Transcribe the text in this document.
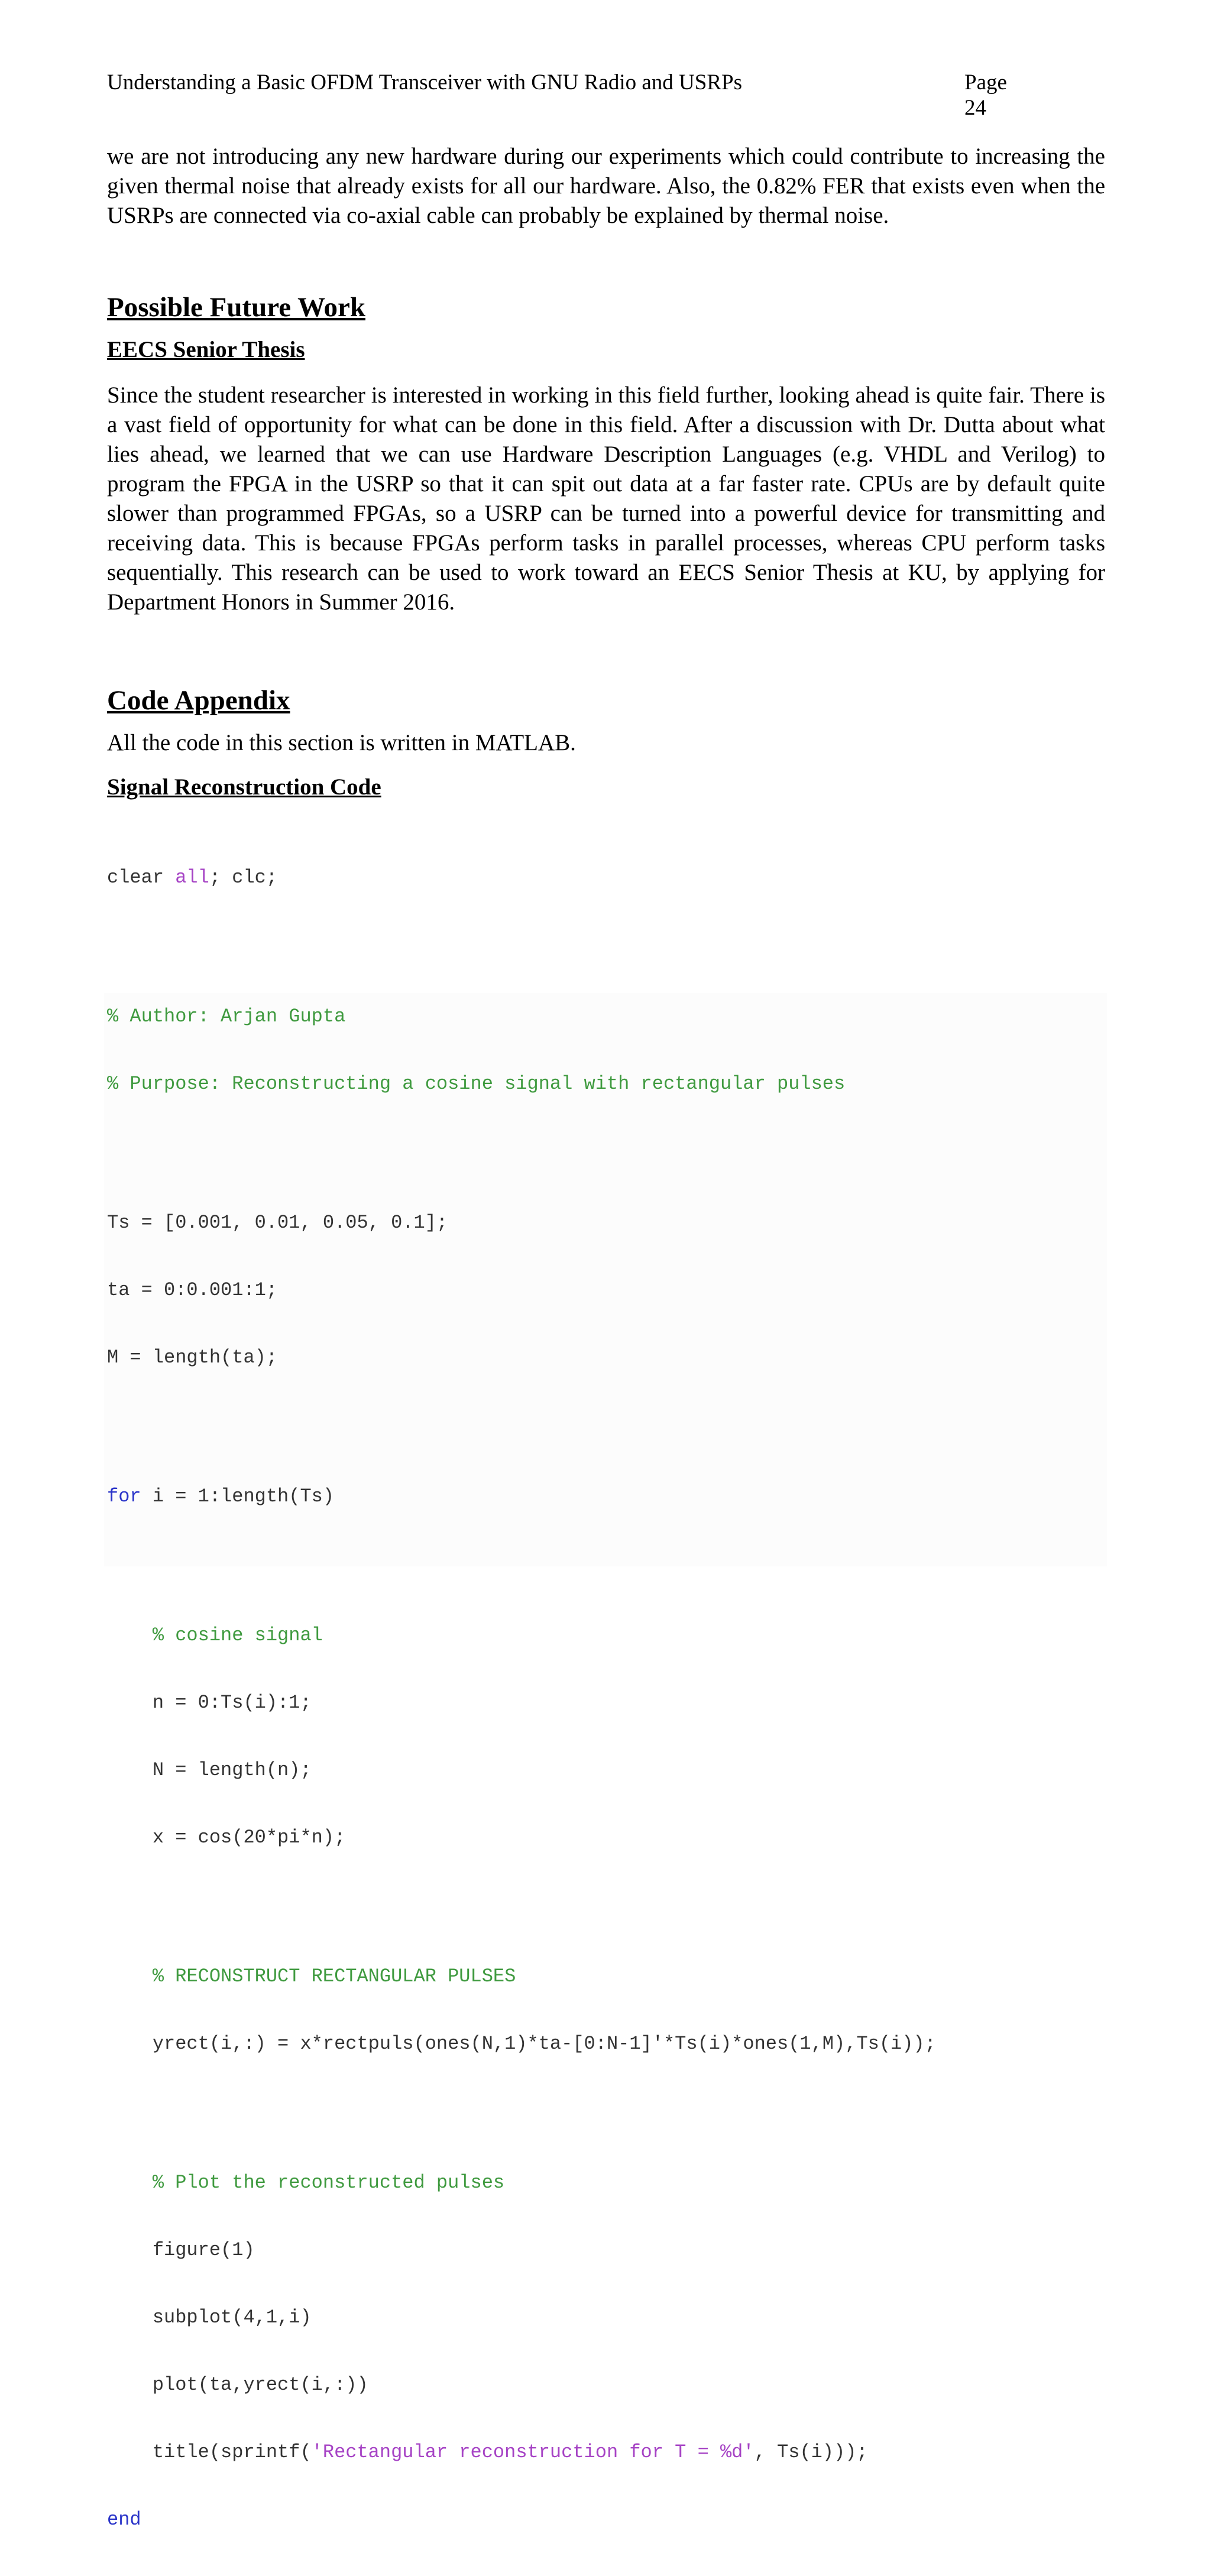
Understanding a Basic OFDM Transceiver with GNU Radio and USRPs	Page 24

we are not introducing any new hardware during our experiments which could contribute to increasing the given thermal noise that already exists for all our hardware. Also, the 0.82% FER that exists even when the USRPs are connected via co-axial cable can probably be explained by thermal noise.

Possible Future Work
EECS Senior Thesis

Since the student researcher is interested in working in this field further, looking ahead is quite fair. There is a vast field of opportunity for what can be done in this field. After a discussion with Dr. Dutta about what lies ahead, we learned that we can use Hardware Description Languages (e.g. VHDL and Verilog) to program the FPGA in the USRP so that it can spit out data at a far faster rate. CPUs are by default quite slower than programmed FPGAs, so a USRP can be turned into a powerful device for transmitting and receiving data. This is because FPGAs perform tasks in parallel processes, whereas CPU perform tasks sequentially. This research can be used to work toward an EECS Senior Thesis at KU, by applying for Department Honors in Summer 2016.

Code Appendix

All the code in this section is written in MATLAB.

Signal Reconstruction Code

clear all; clc;

% Author: Arjan Gupta

% Purpose: Reconstructing a cosine signal with rectangular pulses

Ts = [0.001, 0.01, 0.05, 0.1];

ta = 0:0.001:1;

M = length(ta);

for i = 1:length(Ts)

% cosine signal

n = 0:Ts(i):1;

N = length(n);

x = cos(20*pi*n);

% RECONSTRUCT RECTANGULAR PULSES

yrect(i,:) = x*rectpuls(ones(N,1)*ta-[0:N-1]'*Ts(i)*ones(1,M),Ts(i));

% Plot the reconstructed pulses

figure(1)

subplot(4,1,i)

plot(ta,yrect(i,:))

title(sprintf('Rectangular reconstruction for T = %d', Ts(i)));

end
